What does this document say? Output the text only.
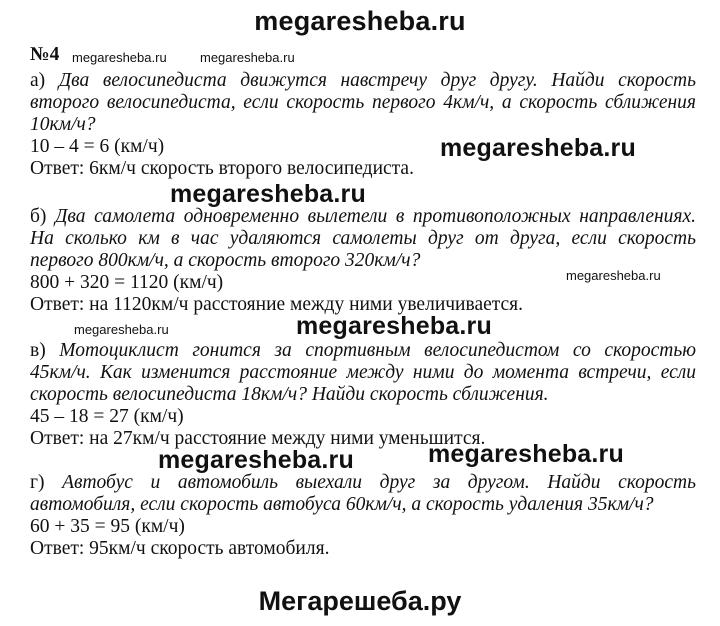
megaresheba.ru
№4 megaresheba.ru	megaresheba.ru
а) Два велосипедиста движутся навстречу друг другу. Найди скорость
второго велосипедиста, если скорость первого 4км/ч, а скорость сближения
10км/ч?
10 – 4 = 6 (км/ч)	megaresheba.ru
Ответ: 6км/ч скорость второго велосипедиста.
megaresheba.ru
б) Два самолета одновременно вылетели в противоположных направлениях.
На сколько км в час удаляются самолеты друг от друга, если скорость
первого 800км/ч, а скорость второго 320км/ч?
800 + 320 = 1120 (км/ч)	megaresheba.ru
Ответ: на 1120км/ч расстояние между ними увеличивается.
megaresheba.ru	megaresheba.ru
в) Мотоциклист гонится за спортивным велосипедистом со скоростью
45км/ч. Как изменится расстояние между ними до момента встречи, если
скорость велосипедиста 18км/ч? Найди скорость сближения.
45 – 18 = 27 (км/ч)
Ответ: на 27км/ч расстояние между ними уменьшится.
megaresheba.ru	megaresheba.ru
г) Автобус и автомобиль выехали друг за другом. Найди скорость
автомобиля, если скорость автобуса 60км/ч, а скорость удаления 35км/ч?
60 + 35 = 95 (км/ч)
Ответ: 95км/ч скорость автомобиля.
Мегарешеба.ру
